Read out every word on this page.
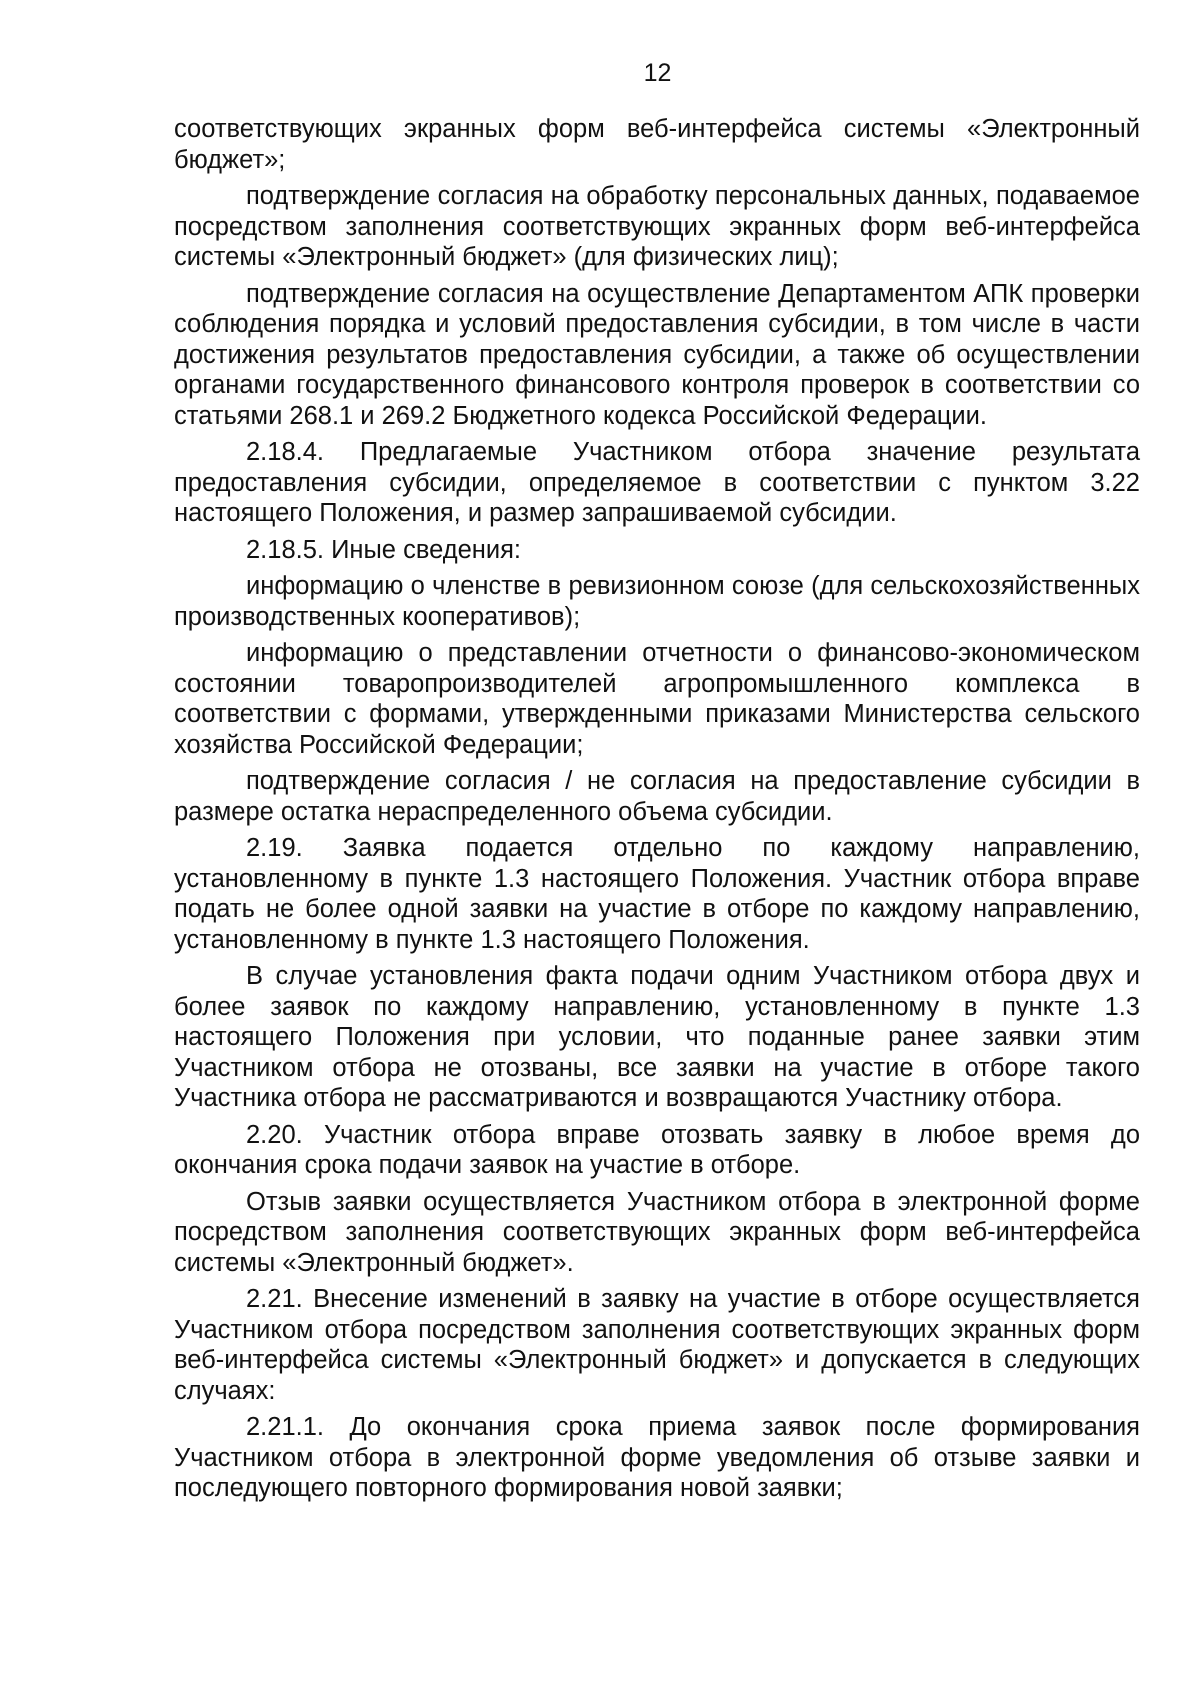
12

соответствующих экранных форм веб-интерфейса системы «Электронный бюджет»;

подтверждение согласия на обработку персональных данных, подаваемое посредством заполнения соответствующих экранных форм веб-интерфейса системы «Электронный бюджет» (для физических лиц);

подтверждение согласия на осуществление Департаментом АПК проверки соблюдения порядка и условий предоставления субсидии, в том числе в части достижения результатов предоставления субсидии, а также об осуществлении органами государственного финансового контроля проверок в соответствии со статьями 268.1 и 269.2 Бюджетного кодекса Российской Федерации.

2.18.4. Предлагаемые Участником отбора значение результата предоставления субсидии, определяемое в соответствии с пунктом 3.22 настоящего Положения, и размер запрашиваемой субсидии.

2.18.5. Иные сведения:

информацию о членстве в ревизионном союзе (для сельскохозяйственных производственных кооперативов);

информацию о представлении отчетности о финансово-экономическом состоянии товаропроизводителей агропромышленного комплекса в соответствии с формами, утвержденными приказами Министерства сельского хозяйства Российской Федерации;

подтверждение согласия / не согласия на предоставление субсидии в размере остатка нераспределенного объема субсидии.

2.19. Заявка подается отдельно по каждому направлению, установленному в пункте 1.3 настоящего Положения. Участник отбора вправе подать не более одной заявки на участие в отборе по каждому направлению, установленному в пункте 1.3 настоящего Положения.

В случае установления факта подачи одним Участником отбора двух и более заявок по каждому направлению, установленному в пункте 1.3 настоящего Положения при условии, что поданные ранее заявки этим Участником отбора не отозваны, все заявки на участие в отборе такого Участника отбора не рассматриваются и возвращаются Участнику отбора.

2.20. Участник отбора вправе отозвать заявку в любое время до окончания срока подачи заявок на участие в отборе.

Отзыв заявки осуществляется Участником отбора в электронной форме посредством заполнения соответствующих экранных форм веб-интерфейса системы «Электронный бюджет».

2.21. Внесение изменений в заявку на участие в отборе осуществляется Участником отбора посредством заполнения соответствующих экранных форм веб-интерфейса системы «Электронный бюджет» и допускается в следующих случаях:

2.21.1. До окончания срока приема заявок после формирования Участником отбора в электронной форме уведомления об отзыве заявки и последующего повторного формирования новой заявки;
